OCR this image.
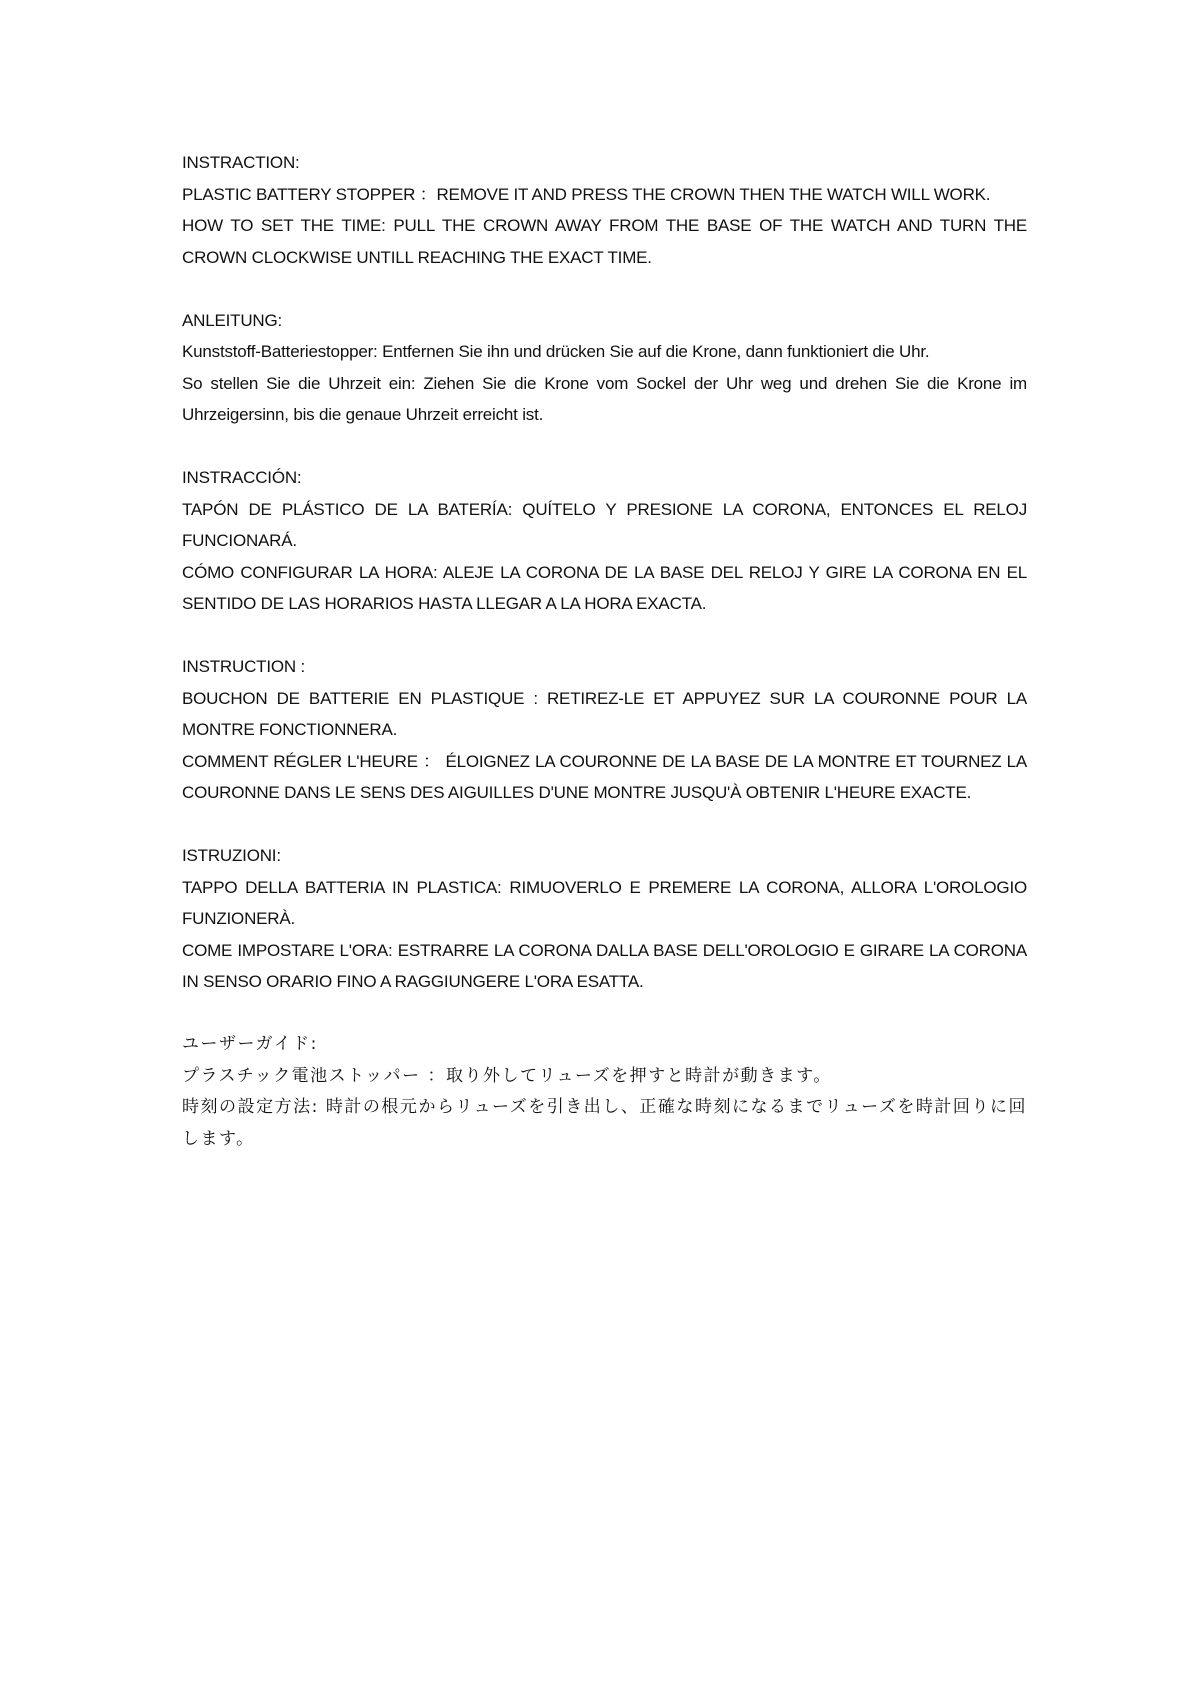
INSTRACTION:

PLASTIC BATTERY STOPPER ：REMOVE IT AND PRESS THE CROWN THEN THE WATCH WILL WORK.

HOW TO SET THE TIME: PULL THE CROWN AWAY FROM THE BASE OF THE WATCH AND TURN THE CROWN CLOCKWISE UNTILL REACHING THE EXACT TIME.

ANLEITUNG:

Kunststoff-Batteriestopper: Entfernen Sie ihn und drücken Sie auf die Krone, dann funktioniert die Uhr.

So stellen Sie die Uhrzeit ein: Ziehen Sie die Krone vom Sockel der Uhr weg und drehen Sie die Krone im Uhrzeigersinn, bis die genaue Uhrzeit erreicht ist.

INSTRACCIÓN:

TAPÓN DE PLÁSTICO DE LA BATERÍA: QUÍTELO Y PRESIONE LA CORONA, ENTONCES EL RELOJ FUNCIONARÁ.

CÓMO CONFIGURAR LA HORA: ALEJE LA CORONA DE LA BASE DEL RELOJ Y GIRE LA CORONA EN EL SENTIDO DE LAS HORARIOS HASTA LLEGAR A LA HORA EXACTA.

INSTRUCTION :

BOUCHON DE BATTERIE EN PLASTIQUE : RETIREZ-LE ET APPUYEZ SUR LA COURONNE POUR LA MONTRE FONCTIONNERA.

COMMENT RÉGLER L'HEURE ： ÉLOIGNEZ LA COURONNE DE LA BASE DE LA MONTRE ET TOURNEZ LA COURONNE DANS LE SENS DES AIGUILLES D'UNE MONTRE JUSQU'À OBTENIR L'HEURE EXACTE.

ISTRUZIONI:

TAPPO DELLA BATTERIA IN PLASTICA: RIMUOVERLO E PREMERE LA CORONA, ALLORA L'OROLOGIO FUNZIONERÀ.

COME IMPOSTARE L'ORA: ESTRARRE LA CORONA DALLA BASE DELL'OROLOGIO E GIRARE LA CORONA IN SENSO ORARIO FINO A RAGGIUNGERE L'ORA ESATTA.

ユーザーガイド:

プラスチック電池ストッパー ：取り外してリューズを押すと時計が動きます。

時刻の設定方法: 時計の根元からリューズを引き出し、正確な時刻になるまでリューズを時計回りに回します。
